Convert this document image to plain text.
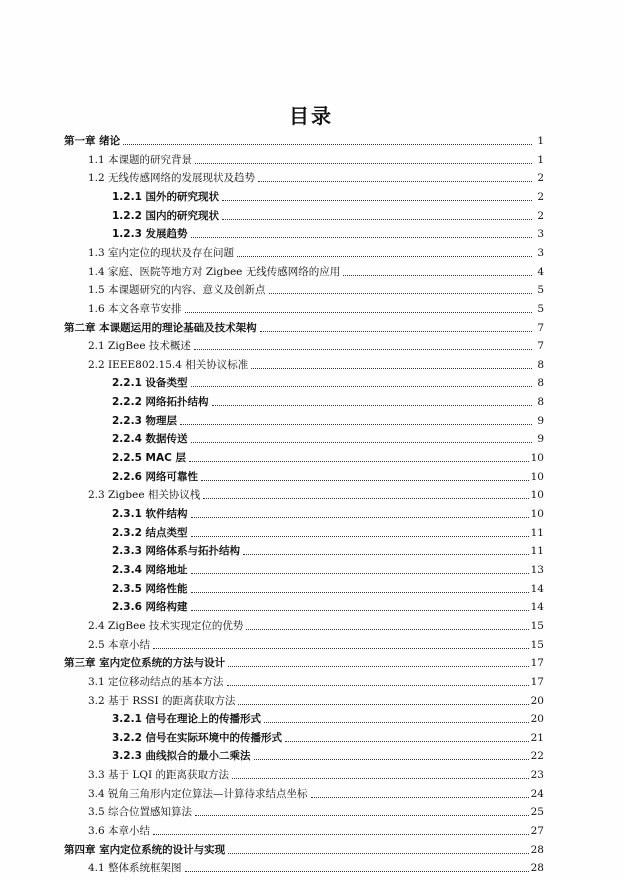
目录
第一章 绪论	1
1.1 本课题的研究背景	1
1.2 无线传感网络的发展现状及趋势	2
1.2.1 国外的研究现状	2
1.2.2 国内的研究现状	2
1.2.3 发展趋势	3
1.3 室内定位的现状及存在问题	3
1.4 家庭、医院等地方对 Zigbee 无线传感网络的应用	4
1.5 本课题研究的内容、意义及创新点	5
1.6 本文各章节安排	5
第二章 本课题运用的理论基础及技术架构	7
2.1 ZigBee 技术概述	7
2.2 IEEE802.15.4 相关协议标准	8
2.2.1 设备类型	8
2.2.2 网络拓扑结构	8
2.2.3 物理层	9
2.2.4 数据传送	9
2.2.5 MAC 层	10
2.2.6 网络可靠性	10
2.3 Zigbee 相关协议栈	10
2.3.1 软件结构	10
2.3.2 结点类型	11
2.3.3 网络体系与拓扑结构	11
2.3.4 网络地址	13
2.3.5 网络性能	14
2.3.6 网络构建	14
2.4 ZigBee 技术实现定位的优势	15
2.5 本章小结	15
第三章 室内定位系统的方法与设计	17
3.1 定位移动结点的基本方法	17
3.2 基于 RSSI 的距离获取方法	20
3.2.1 信号在理论上的传播形式	20
3.2.2 信号在实际环境中的传播形式	21
3.2.3 曲线拟合的最小二乘法	22
3.3 基于 LQI 的距离获取方法	23
3.4 锐角三角形内定位算法—计算待求结点坐标	24
3.5 综合位置感知算法	25
3.6 本章小结	27
第四章 室内定位系统的设计与实现	28
4.1 整体系统框架图	28
